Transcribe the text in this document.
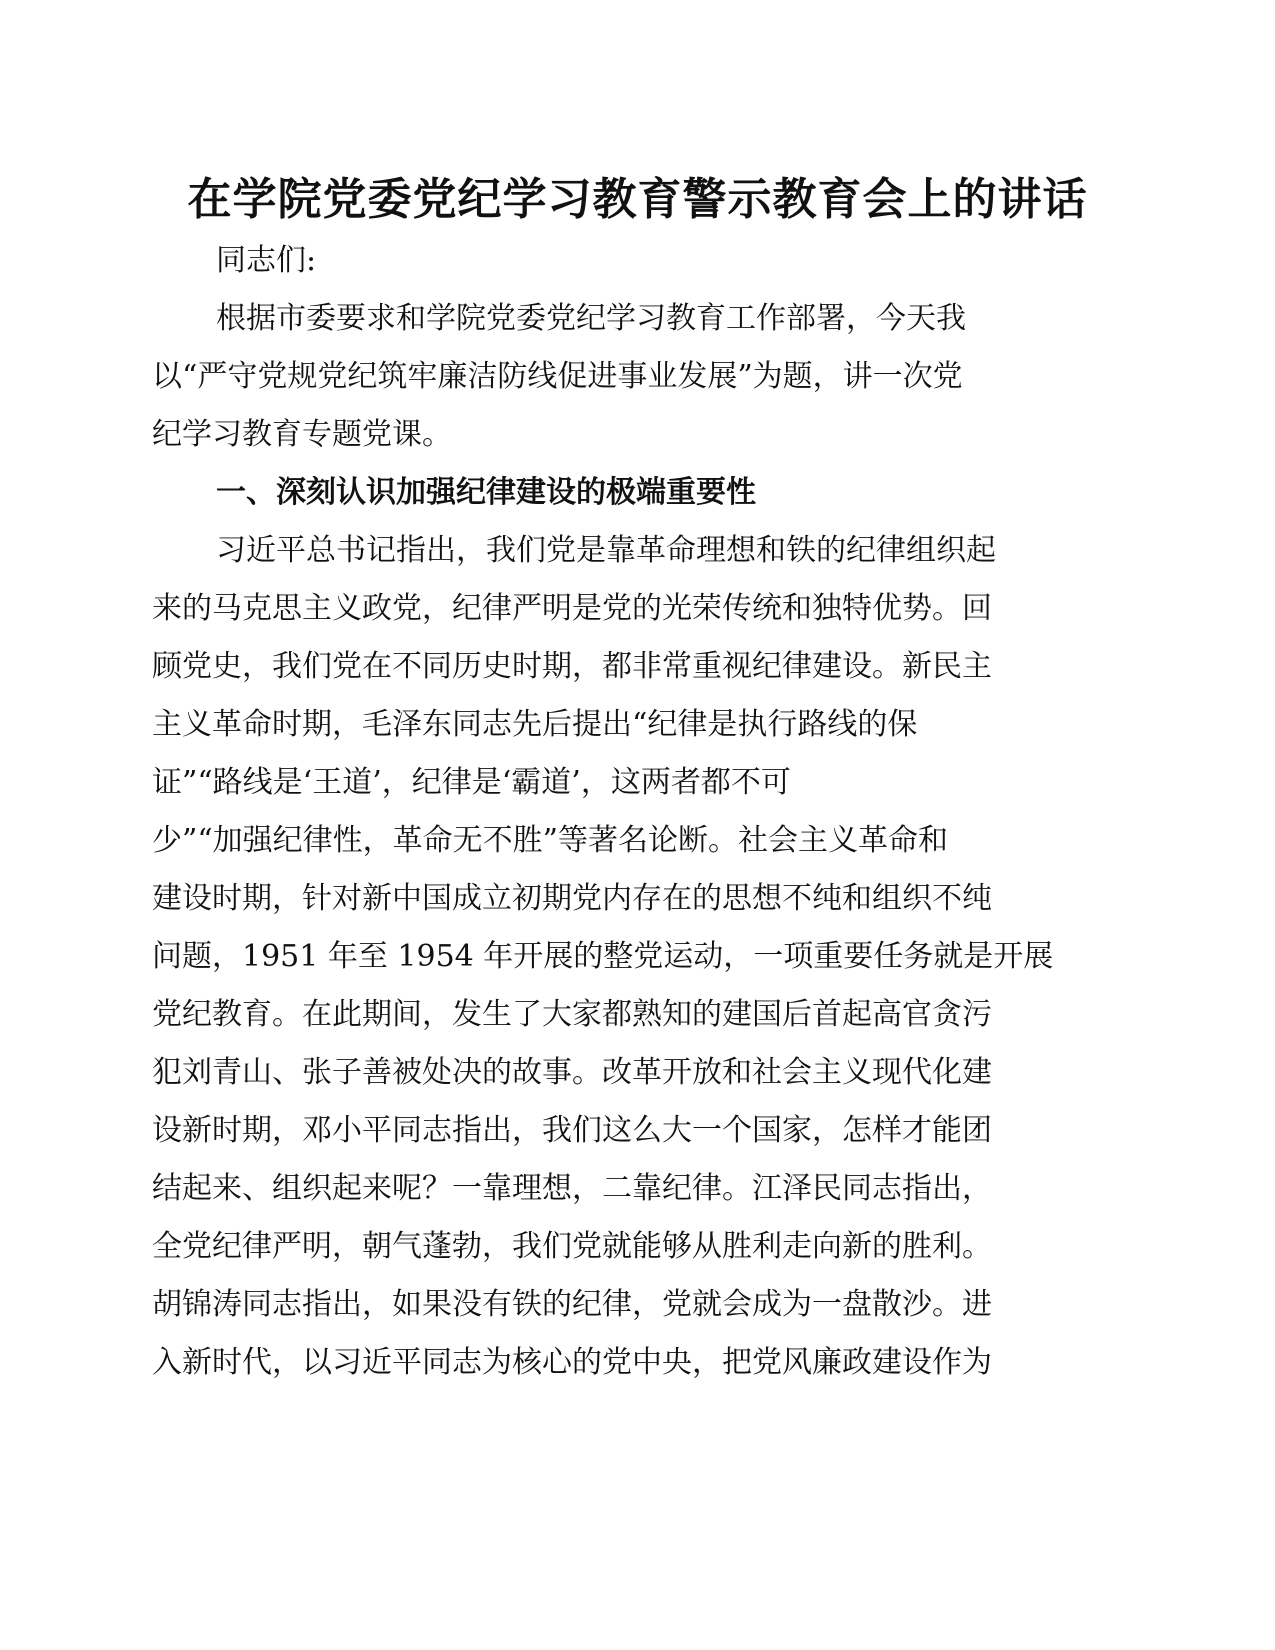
在学院党委党纪学习教育警示教育会上的讲话
同志们:
根据市委要求和学院党委党纪学习教育工作部署，今天我
以“严守党规党纪筑牢廉洁防线促进事业发展”为题，讲一次党
纪学习教育专题党课。
一、深刻认识加强纪律建设的极端重要性
习近平总书记指出，我们党是靠革命理想和铁的纪律组织起
来的马克思主义政党，纪律严明是党的光荣传统和独特优势。回
顾党史，我们党在不同历史时期，都非常重视纪律建设。新民主
主义革命时期，毛泽东同志先后提出“纪律是执行路线的保
证”“路线是‘王道’，纪律是‘霸道’，这两者都不可
少”“加强纪律性，革命无不胜”等著名论断。社会主义革命和
建设时期，针对新中国成立初期党内存在的思想不纯和组织不纯
问题，1951 年至 1954 年开展的整党运动，一项重要任务就是开展
党纪教育。在此期间，发生了大家都熟知的建国后首起高官贪污
犯刘青山、张子善被处决的故事。改革开放和社会主义现代化建
设新时期，邓小平同志指出，我们这么大一个国家，怎样才能团
结起来、组织起来呢？一靠理想，二靠纪律。江泽民同志指出，
全党纪律严明，朝气蓬勃，我们党就能够从胜利走向新的胜利。
胡锦涛同志指出，如果没有铁的纪律，党就会成为一盘散沙。进
入新时代，以习近平同志为核心的党中央，把党风廉政建设作为
